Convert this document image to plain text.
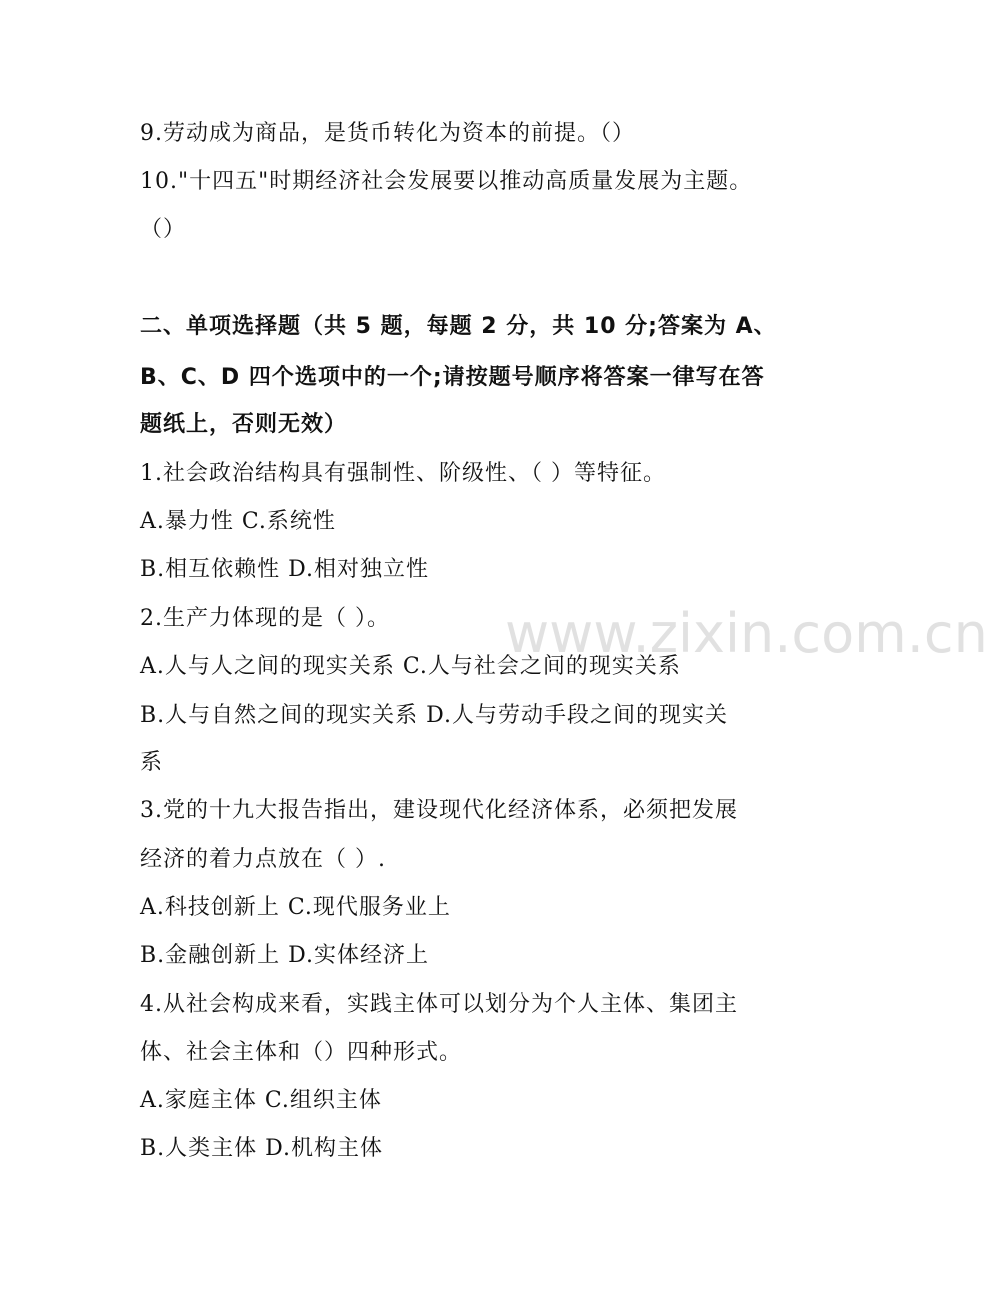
9.劳动成为商品，是货币转化为资本的前提。（）
10."十四五"时期经济社会发展要以推动高质量发展为主题。
（）
二、单项选择题（共 5 题，每题 2 分，共 10 分;答案为 A、
B、C、D 四个选项中的一个;请按题号顺序将答案一律写在答
题纸上，否则无效）
1.社会政治结构具有强制性、阶级性、（ ）等特征。
A.暴力性 C.系统性
B.相互依赖性 D.相对独立性
2.生产力体现的是（ ）。
A.人与人之间的现实关系 C.人与社会之间的现实关系
B.人与自然之间的现实关系 D.人与劳动手段之间的现实关
系
3.党的十九大报告指出，建设现代化经济体系，必须把发展
经济的着力点放在（ ）.
A.科技创新上 C.现代服务业上
B.金融创新上 D.实体经济上
4.从社会构成来看，实践主体可以划分为个人主体、集团主
体、社会主体和（）四种形式。
A.家庭主体 C.组织主体
B.人类主体 D.机构主体
www.zixin.com.cn
